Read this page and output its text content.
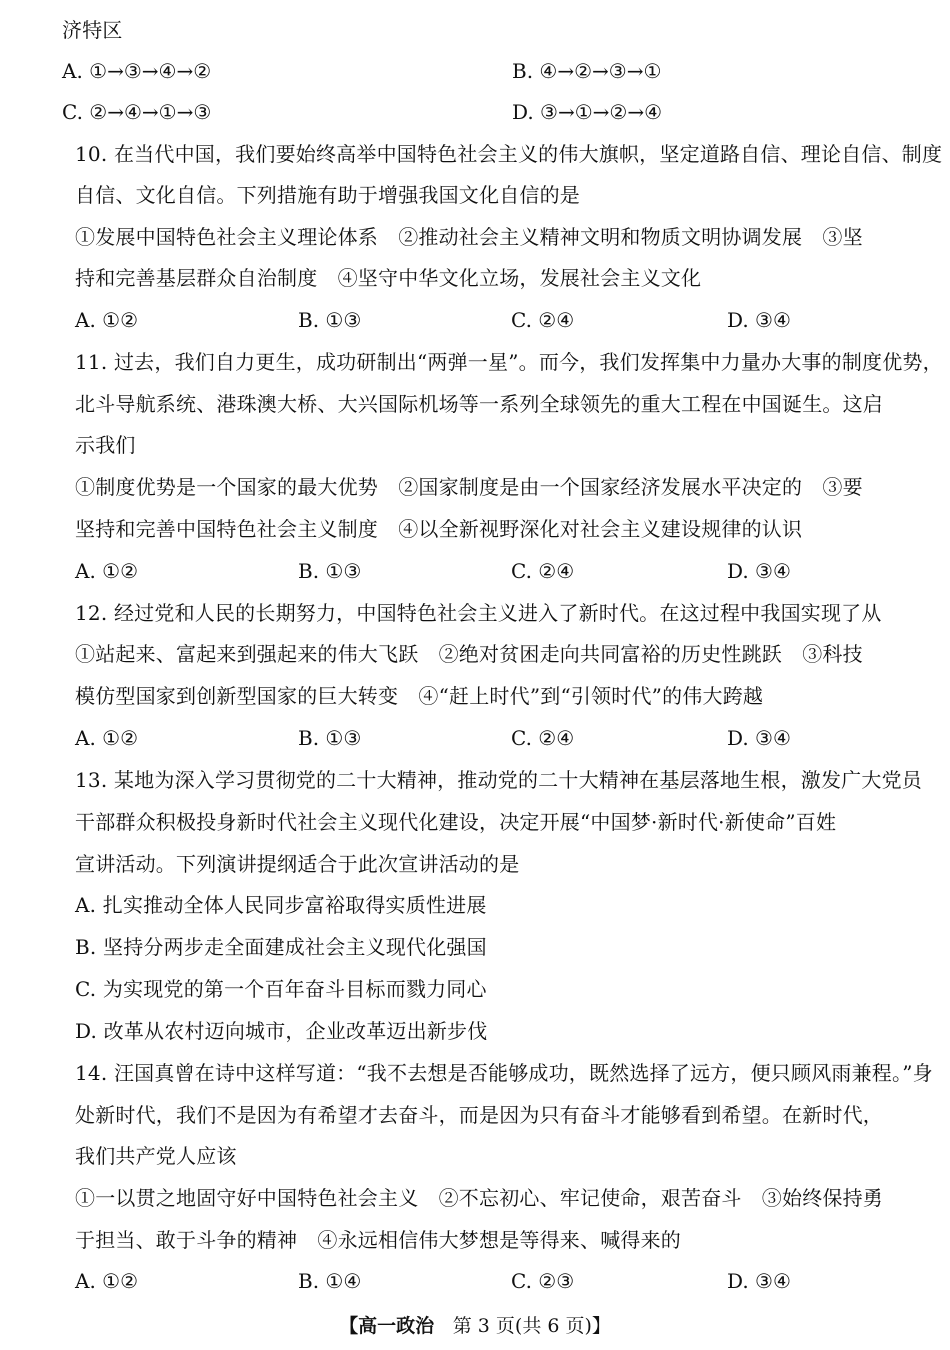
济特区
A. ①→③→④→②	B. ④→②→③→①
C. ②→④→①→③	D. ③→①→②→④
10. 在当代中国，我们要始终高举中国特色社会主义的伟大旗帜，坚定道路自信、理论自信、制度
自信、文化自信。下列措施有助于增强我国文化自信的是
①发展中国特色社会主义理论体系　②推动社会主义精神文明和物质文明协调发展　③坚
持和完善基层群众自治制度　④坚守中华文化立场，发展社会主义文化
A. ①②	B. ①③	C. ②④	D. ③④
11. 过去，我们自力更生，成功研制出“两弹一星”。而今，我们发挥集中力量办大事的制度优势，
北斗导航系统、港珠澳大桥、大兴国际机场等一系列全球领先的重大工程在中国诞生。这启
示我们
①制度优势是一个国家的最大优势　②国家制度是由一个国家经济发展水平决定的　③要
坚持和完善中国特色社会主义制度　④以全新视野深化对社会主义建设规律的认识
A. ①②	B. ①③	C. ②④	D. ③④
12. 经过党和人民的长期努力，中国特色社会主义进入了新时代。在这过程中我国实现了从
①站起来、富起来到强起来的伟大飞跃　②绝对贫困走向共同富裕的历史性跳跃　③科技
模仿型国家到创新型国家的巨大转变　④“赶上时代”到“引领时代”的伟大跨越
A. ①②	B. ①③	C. ②④	D. ③④
13. 某地为深入学习贯彻党的二十大精神，推动党的二十大精神在基层落地生根，激发广大党员
干部群众积极投身新时代社会主义现代化建设，决定开展“中国梦·新时代·新使命”百姓
宣讲活动。下列演讲提纲适合于此次宣讲活动的是
A. 扎实推动全体人民同步富裕取得实质性进展
B. 坚持分两步走全面建成社会主义现代化强国
C. 为实现党的第一个百年奋斗目标而戮力同心
D. 改革从农村迈向城市，企业改革迈出新步伐
14. 汪国真曾在诗中这样写道：“我不去想是否能够成功，既然选择了远方，便只顾风雨兼程。”身
处新时代，我们不是因为有希望才去奋斗，而是因为只有奋斗才能够看到希望。在新时代，
我们共产党人应该
①一以贯之地固守好中国特色社会主义　②不忘初心、牢记使命，艰苦奋斗　③始终保持勇
于担当、敢于斗争的精神　④永远相信伟大梦想是等得来、喊得来的
A. ①②	B. ①④	C. ②③	D. ③④
【高一政治 第 3 页(共 6 页)】
